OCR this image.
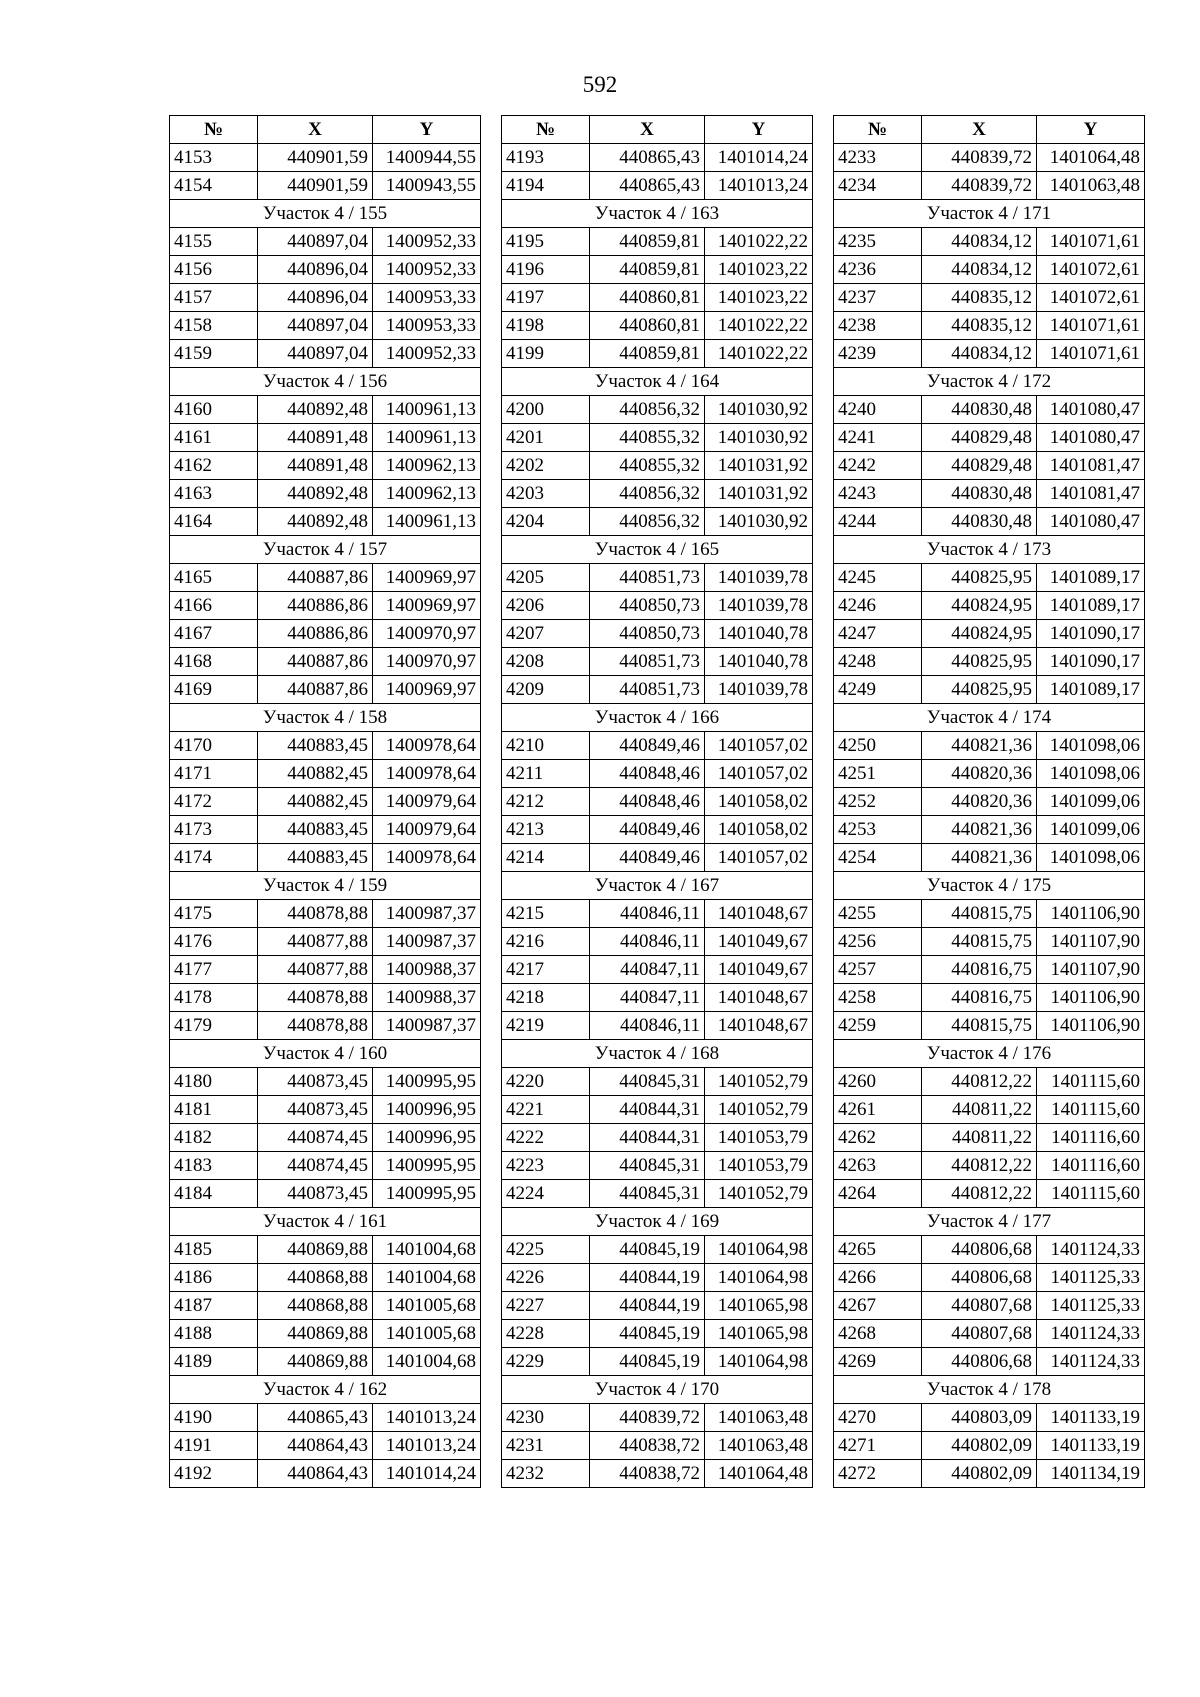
592
№	X	Y
4153	440901,59	1400944,55
4154	440901,59	1400943,55
Участок 4 / 155		
4155	440897,04	1400952,33
4156	440896,04	1400952,33
4157	440896,04	1400953,33
4158	440897,04	1400953,33
4159	440897,04	1400952,33
Участок 4 / 156		
4160	440892,48	1400961,13
4161	440891,48	1400961,13
4162	440891,48	1400962,13
4163	440892,48	1400962,13
4164	440892,48	1400961,13
Участок 4 / 157		
4165	440887,86	1400969,97
4166	440886,86	1400969,97
4167	440886,86	1400970,97
4168	440887,86	1400970,97
4169	440887,86	1400969,97
Участок 4 / 158		
4170	440883,45	1400978,64
4171	440882,45	1400978,64
4172	440882,45	1400979,64
4173	440883,45	1400979,64
4174	440883,45	1400978,64
Участок 4 / 159		
4175	440878,88	1400987,37
4176	440877,88	1400987,37
4177	440877,88	1400988,37
4178	440878,88	1400988,37
4179	440878,88	1400987,37
Участок 4 / 160		
4180	440873,45	1400995,95
4181	440873,45	1400996,95
4182	440874,45	1400996,95
4183	440874,45	1400995,95
4184	440873,45	1400995,95
Участок 4 / 161		
4185	440869,88	1401004,68
4186	440868,88	1401004,68
4187	440868,88	1401005,68
4188	440869,88	1401005,68
4189	440869,88	1401004,68
Участок 4 / 162		
4190	440865,43	1401013,24
4191	440864,43	1401013,24
4192	440864,43	1401014,24
№	X	Y
4193	440865,43	1401014,24
4194	440865,43	1401013,24
Участок 4 / 163		
4195	440859,81	1401022,22
4196	440859,81	1401023,22
4197	440860,81	1401023,22
4198	440860,81	1401022,22
4199	440859,81	1401022,22
Участок 4 / 164		
4200	440856,32	1401030,92
4201	440855,32	1401030,92
4202	440855,32	1401031,92
4203	440856,32	1401031,92
4204	440856,32	1401030,92
Участок 4 / 165		
4205	440851,73	1401039,78
4206	440850,73	1401039,78
4207	440850,73	1401040,78
4208	440851,73	1401040,78
4209	440851,73	1401039,78
Участок 4 / 166		
4210	440849,46	1401057,02
4211	440848,46	1401057,02
4212	440848,46	1401058,02
4213	440849,46	1401058,02
4214	440849,46	1401057,02
Участок 4 / 167		
4215	440846,11	1401048,67
4216	440846,11	1401049,67
4217	440847,11	1401049,67
4218	440847,11	1401048,67
4219	440846,11	1401048,67
Участок 4 / 168		
4220	440845,31	1401052,79
4221	440844,31	1401052,79
4222	440844,31	1401053,79
4223	440845,31	1401053,79
4224	440845,31	1401052,79
Участок 4 / 169		
4225	440845,19	1401064,98
4226	440844,19	1401064,98
4227	440844,19	1401065,98
4228	440845,19	1401065,98
4229	440845,19	1401064,98
Участок 4 / 170		
4230	440839,72	1401063,48
4231	440838,72	1401063,48
4232	440838,72	1401064,48
№	X	Y
4233	440839,72	1401064,48
4234	440839,72	1401063,48
Участок 4 / 171		
4235	440834,12	1401071,61
4236	440834,12	1401072,61
4237	440835,12	1401072,61
4238	440835,12	1401071,61
4239	440834,12	1401071,61
Участок 4 / 172		
4240	440830,48	1401080,47
4241	440829,48	1401080,47
4242	440829,48	1401081,47
4243	440830,48	1401081,47
4244	440830,48	1401080,47
Участок 4 / 173		
4245	440825,95	1401089,17
4246	440824,95	1401089,17
4247	440824,95	1401090,17
4248	440825,95	1401090,17
4249	440825,95	1401089,17
Участок 4 / 174		
4250	440821,36	1401098,06
4251	440820,36	1401098,06
4252	440820,36	1401099,06
4253	440821,36	1401099,06
4254	440821,36	1401098,06
Участок 4 / 175		
4255	440815,75	1401106,90
4256	440815,75	1401107,90
4257	440816,75	1401107,90
4258	440816,75	1401106,90
4259	440815,75	1401106,90
Участок 4 / 176		
4260	440812,22	1401115,60
4261	440811,22	1401115,60
4262	440811,22	1401116,60
4263	440812,22	1401116,60
4264	440812,22	1401115,60
Участок 4 / 177		
4265	440806,68	1401124,33
4266	440806,68	1401125,33
4267	440807,68	1401125,33
4268	440807,68	1401124,33
4269	440806,68	1401124,33
Участок 4 / 178		
4270	440803,09	1401133,19
4271	440802,09	1401133,19
4272	440802,09	1401134,19
